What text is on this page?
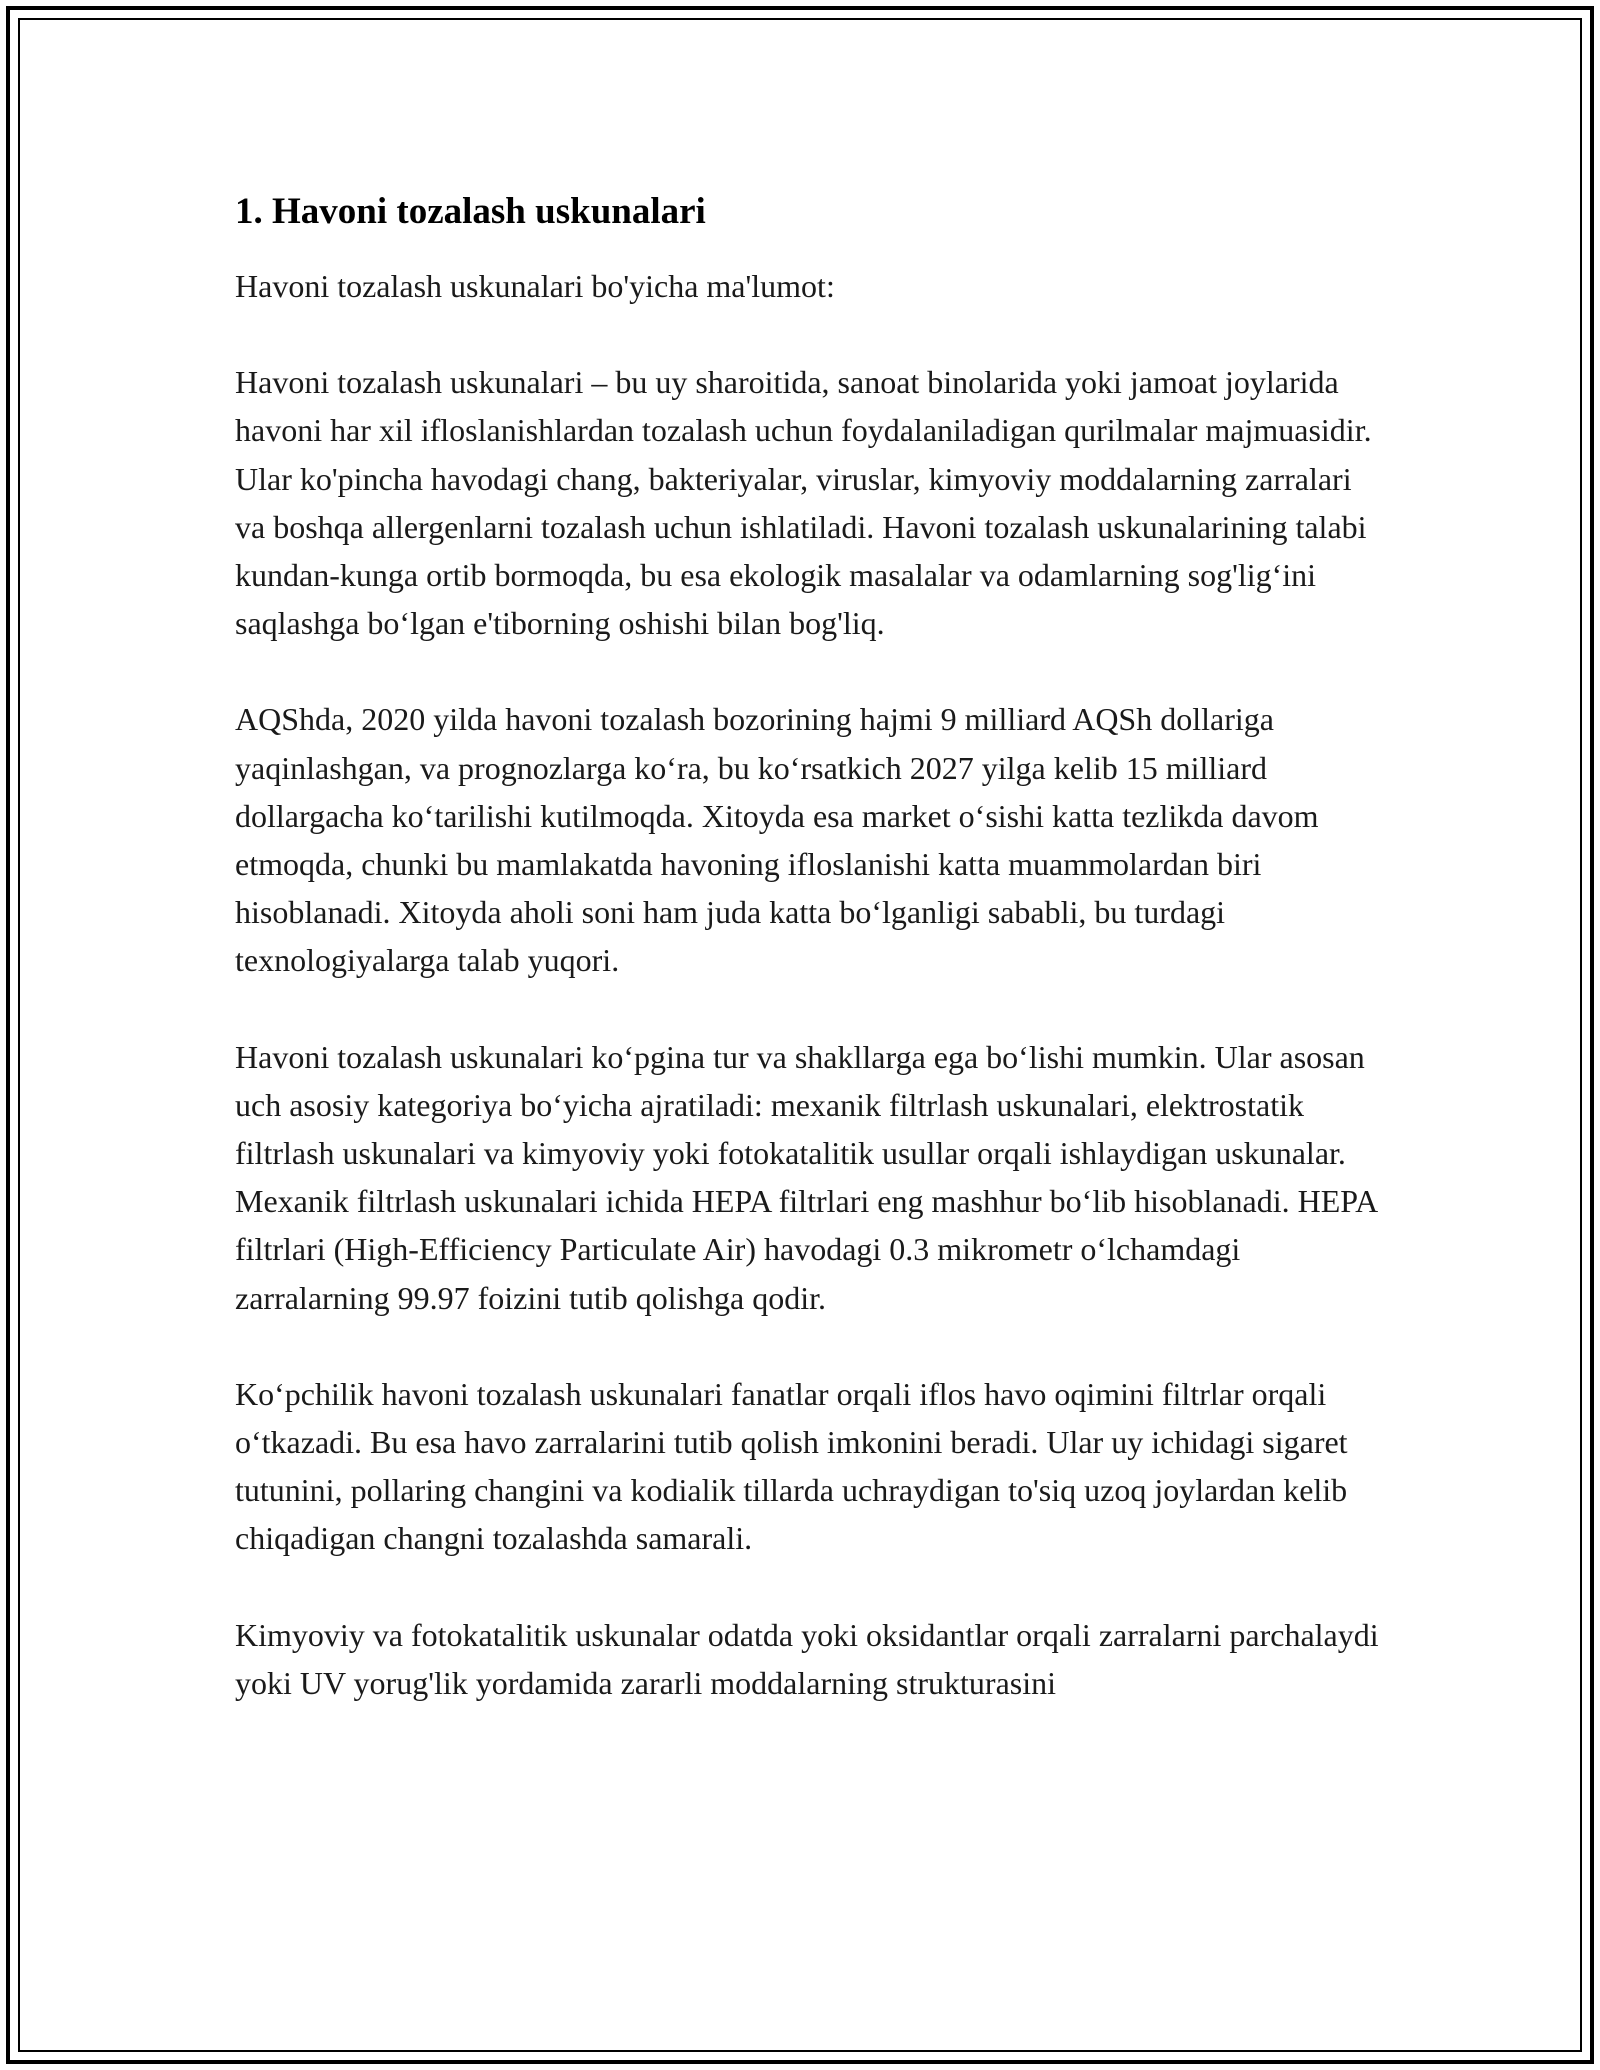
1. Havoni tozalash uskunalari

Havoni tozalash uskunalari bo'yicha ma'lumot:

Havoni tozalash uskunalari – bu uy sharoitida, sanoat binolarida yoki jamoat joylarida havoni har xil ifloslanishlardan tozalash uchun foydalaniladigan qurilmalar majmuasidir. Ular ko'pincha havodagi chang, bakteriyalar, viruslar, kimyoviy moddalarning zarralari va boshqa allergenlarni tozalash uchun ishlatiladi. Havoni tozalash uskunalarining talabi kundan-kunga ortib bormoqda, bu esa ekologik masalalar va odamlarning sog'lig‘ini saqlashga bo‘lgan e'tiborning oshishi bilan bog'liq.

AQShda, 2020 yilda havoni tozalash bozorining hajmi 9 milliard AQSh dollariga yaqinlashgan, va prognozlarga ko‘ra, bu ko‘rsatkich 2027 yilga kelib 15 milliard dollargacha ko‘tarilishi kutilmoqda. Xitoyda esa market o‘sishi katta tezlikda davom etmoqda, chunki bu mamlakatda havoning ifloslanishi katta muammolardan biri hisoblanadi. Xitoyda aholi soni ham juda katta bo‘lganligi sababli, bu turdagi texnologiyalarga talab yuqori.

Havoni tozalash uskunalari ko‘pgina tur va shakllarga ega bo‘lishi mumkin. Ular asosan uch asosiy kategoriya bo‘yicha ajratiladi: mexanik filtrlash uskunalari, elektrostatik filtrlash uskunalari va kimyoviy yoki fotokatalitik usullar orqali ishlaydigan uskunalar. Mexanik filtrlash uskunalari ichida HEPA filtrlari eng mashhur bo‘lib hisoblanadi. HEPA filtrlari (High-Efficiency Particulate Air) havodagi 0.3 mikrometr o‘lchamdagi zarralarning 99.97 foizini tutib qolishga qodir.

Ko‘pchilik havoni tozalash uskunalari fanatlar orqali iflos havo oqimini filtrlar orqali o‘tkazadi. Bu esa havo zarralarini tutib qolish imkonini beradi. Ular uy ichidagi sigaret tutunini, pollaring changini va kodialik tillarda uchraydigan to'siq uzoq joylardan kelib chiqadigan changni tozalashda samarali.

Kimyoviy va fotokatalitik uskunalar odatda yoki oksidantlar orqali zarralarni parchalaydi yoki UV yorug'lik yordamida zararli moddalarning strukturasini
